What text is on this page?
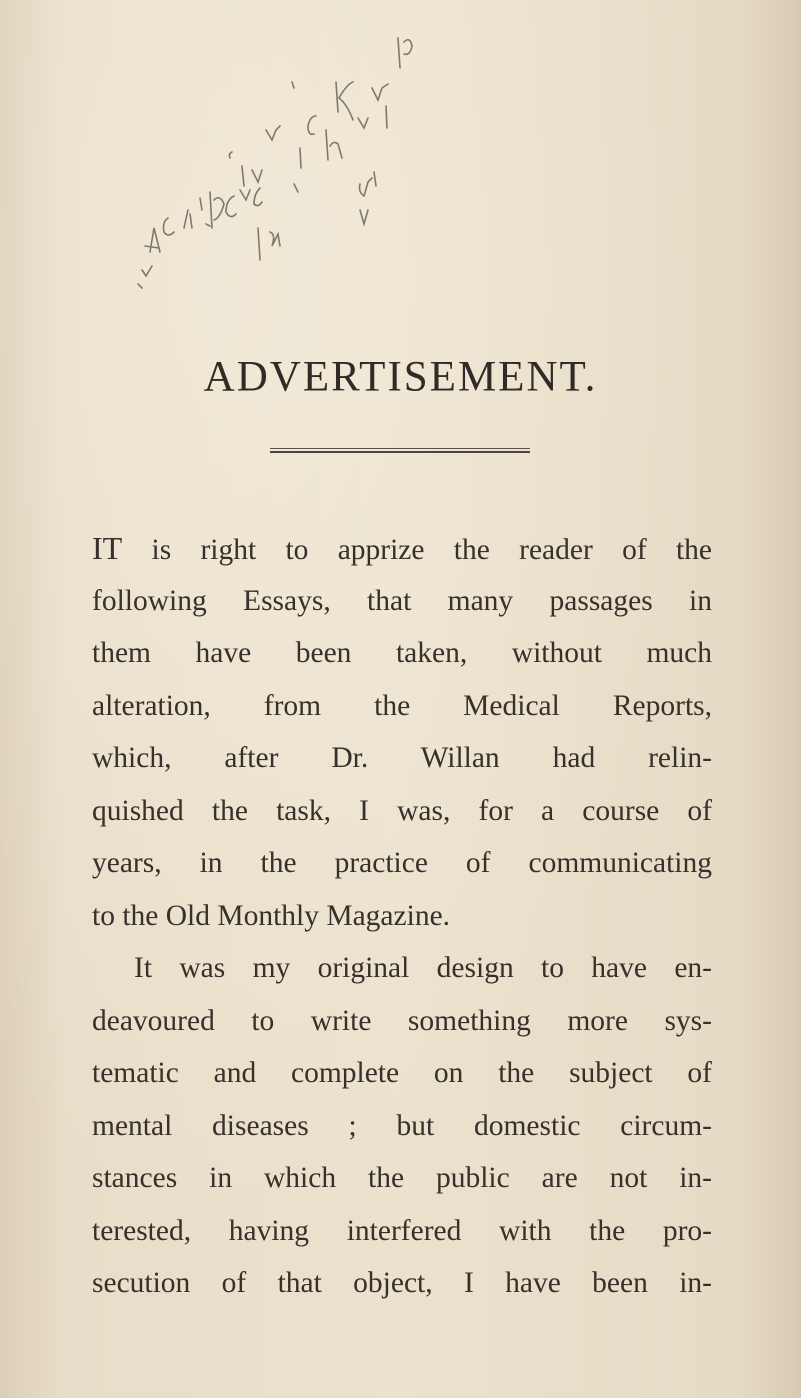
ADVERTISEMENT.
IT is right to apprize the reader of the
following Essays, that many passages in
them have been taken, without much
alteration, from the Medical Reports,
which, after Dr. Willan had relin-
quished the task, I was, for a course of
years, in the practice of communicating
to the Old Monthly Magazine.
It was my original design to have en-
deavoured to write something more sys-
tematic and complete on the subject of
mental diseases ; but domestic circum-
stances in which the public are not in-
terested, having interfered with the pro-
secution of that object, I have been in-
